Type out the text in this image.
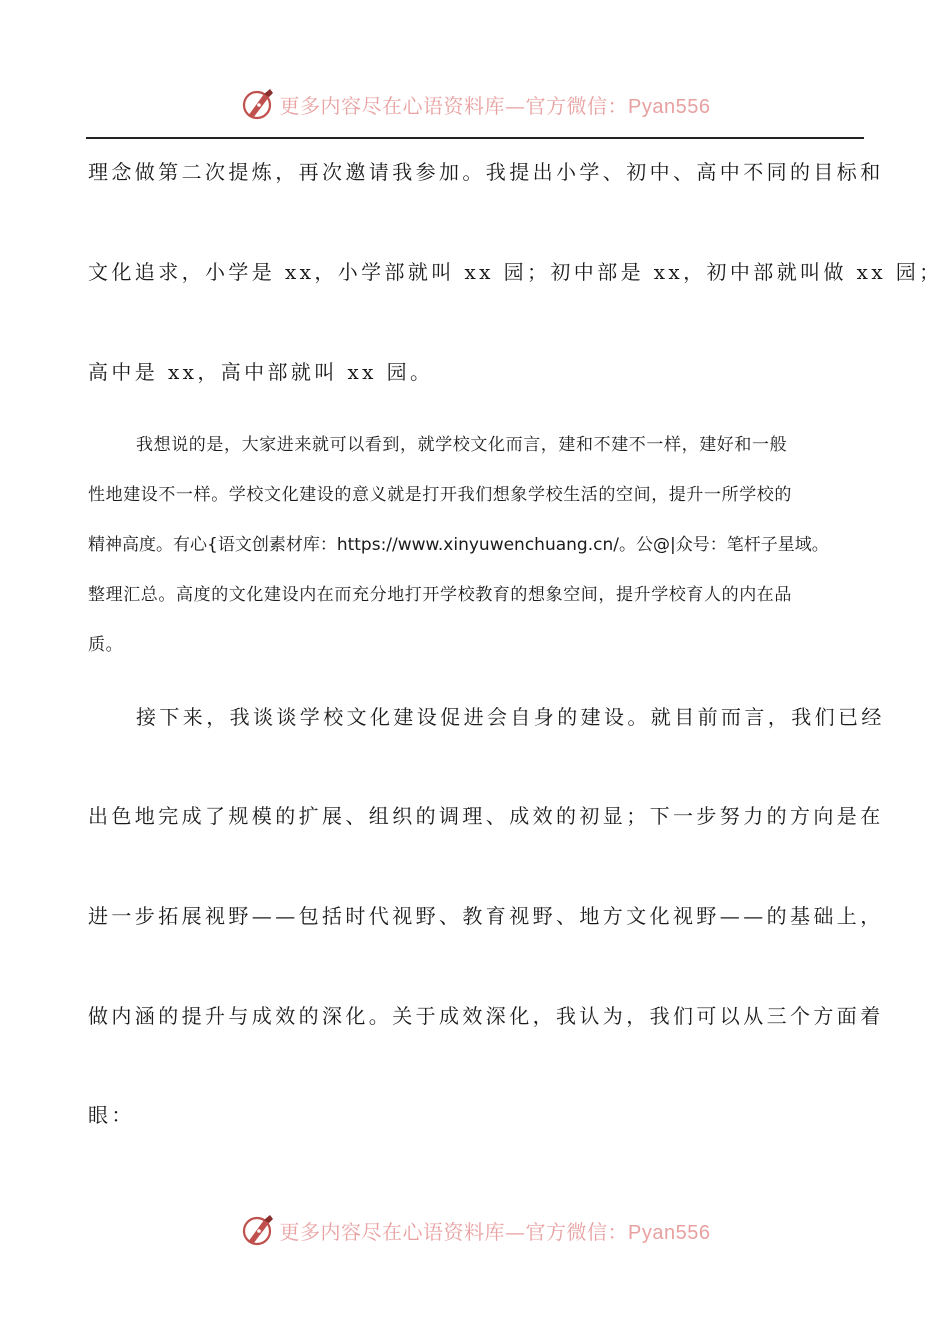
更多内容尽在心语资料库—官方微信：Pyan556
理念做第二次提炼，再次邀请我参加。我提出小学、初中、高中不同的目标和
文化追求，小学是 xx，小学部就叫 xx 园；初中部是 xx，初中部就叫做 xx 园；
高中是 xx，高中部就叫 xx 园。
我想说的是，大家进来就可以看到，就学校文化而言，建和不建不一样，建好和一般
性地建设不一样。学校文化建设的意义就是打开我们想象学校生活的空间，提升一所学校的
精神高度。有心{语文创素材库：https://www.xinyuwenchuang.cn/。公@|众号：笔杆子星域。
整理汇总。高度的文化建设内在而充分地打开学校教育的想象空间，提升学校育人的内在品
质。
接下来，我谈谈学校文化建设促进会自身的建设。就目前而言，我们已经
出色地完成了规模的扩展、组织的调理、成效的初显；下一步努力的方向是在
进一步拓展视野——包括时代视野、教育视野、地方文化视野——的基础上，
做内涵的提升与成效的深化。关于成效深化，我认为，我们可以从三个方面着
眼：
更多内容尽在心语资料库—官方微信：Pyan556
